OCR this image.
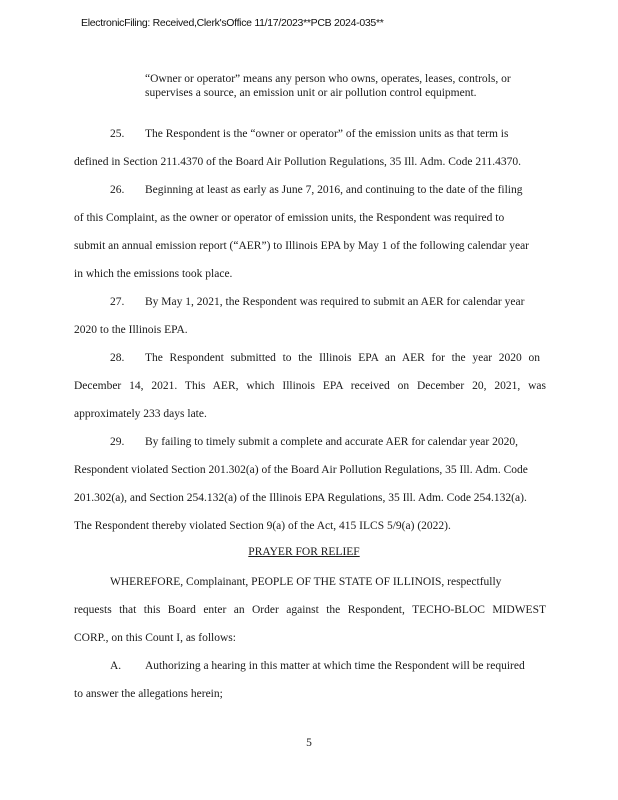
ElectronicFiling: Received,Clerk'sOffice 11/17/2023**PCB 2024-035**
“Owner or operator” means any person who owns, operates, leases, controls, or supervises a source, an emission unit or air pollution control equipment.
25. The Respondent is the “owner or operator” of the emission units as that term is
defined in Section 211.4370 of the Board Air Pollution Regulations, 35 Ill. Adm. Code 211.4370.
26. Beginning at least as early as June 7, 2016, and continuing to the date of the filing
of this Complaint, as the owner or operator of emission units, the Respondent was required to
submit an annual emission report (“AER”) to Illinois EPA by May 1 of the following calendar year
in which the emissions took place.
27. By May 1, 2021, the Respondent was required to submit an AER for calendar year
2020 to the Illinois EPA.
28. The Respondent submitted to the Illinois EPA an AER for the year 2020 on
December 14, 2021. This AER, which Illinois EPA received on December 20, 2021, was
approximately 233 days late.
29. By failing to timely submit a complete and accurate AER for calendar year 2020,
Respondent violated Section 201.302(a) of the Board Air Pollution Regulations, 35 Ill. Adm. Code
201.302(a), and Section 254.132(a) of the Illinois EPA Regulations, 35 Ill. Adm. Code 254.132(a).
The Respondent thereby violated Section 9(a) of the Act, 415 ILCS 5/9(a) (2022).
PRAYER FOR RELIEF
WHEREFORE, Complainant, PEOPLE OF THE STATE OF ILLINOIS, respectfully
requests that this Board enter an Order against the Respondent, TECHO-BLOC MIDWEST
CORP., on this Count I, as follows:
A. Authorizing a hearing in this matter at which time the Respondent will be required
to answer the allegations herein;
5
